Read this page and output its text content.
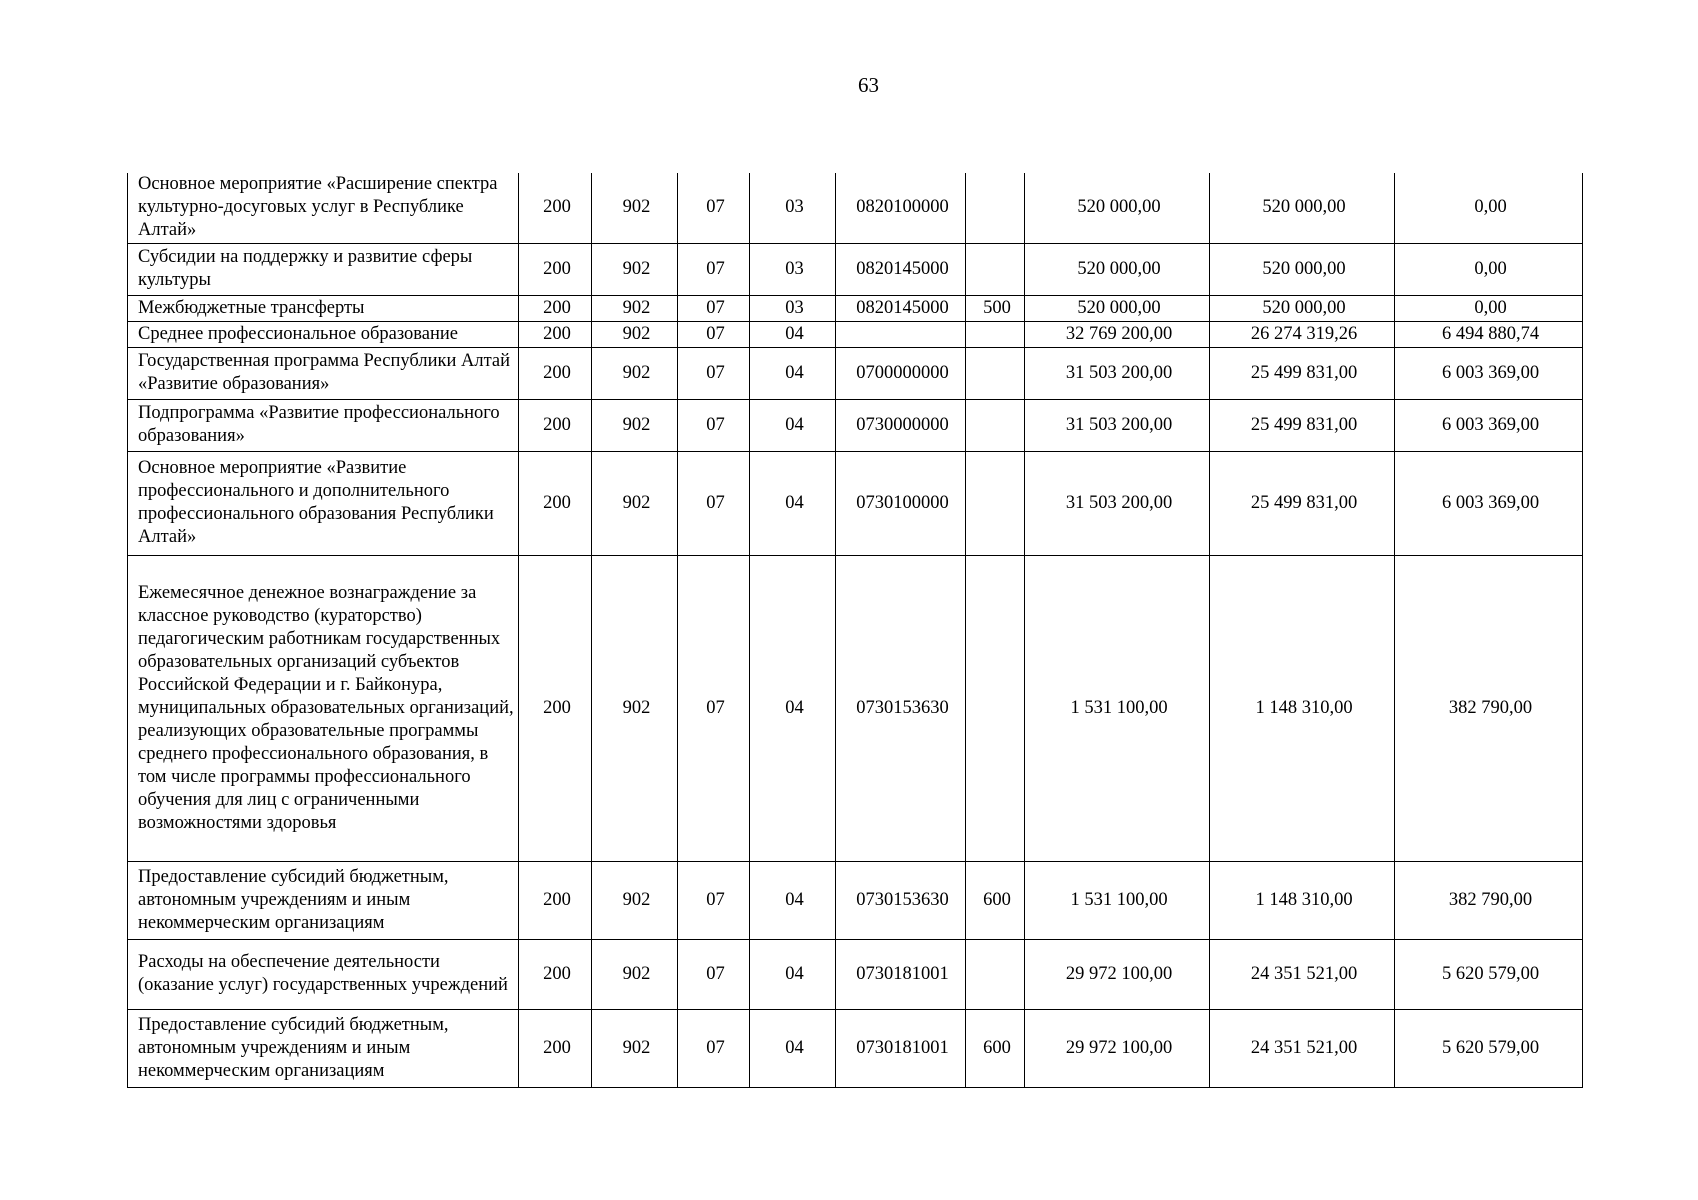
63
Основное мероприятие «Расширение спектра культурно-досуговых услуг в Республике Алтай»	200	902	07	03	0820100000		520 000,00	520 000,00	0,00
Субсидии на поддержку и развитие сферы культуры	200	902	07	03	0820145000		520 000,00	520 000,00	0,00
Межбюджетные трансферты	200	902	07	03	0820145000	500	520 000,00	520 000,00	0,00
Среднее профессиональное образование	200	902	07	04			32 769 200,00	26 274 319,26	6 494 880,74
Государственная программа Республики Алтай «Развитие образования»	200	902	07	04	0700000000		31 503 200,00	25 499 831,00	6 003 369,00
Подпрограмма «Развитие профессионального образования»	200	902	07	04	0730000000		31 503 200,00	25 499 831,00	6 003 369,00
Основное мероприятие «Развитие профессионального и дополнительного профессионального образования Республики Алтай»	200	902	07	04	0730100000		31 503 200,00	25 499 831,00	6 003 369,00
Ежемесячное денежное вознаграждение за классное руководство (кураторство) педагогическим работникам государственных образовательных организаций субъектов Российской Федерации и г. Байконура, муниципальных образовательных организаций, реализующих образовательные программы среднего профессионального образования, в том числе программы профессионального обучения для лиц с ограниченными возможностями здоровья	200	902	07	04	0730153630		1 531 100,00	1 148 310,00	382 790,00
Предоставление субсидий бюджетным, автономным учреждениям и иным некоммерческим организациям	200	902	07	04	0730153630	600	1 531 100,00	1 148 310,00	382 790,00
Расходы на обеспечение деятельности (оказание услуг) государственных учреждений	200	902	07	04	0730181001		29 972 100,00	24 351 521,00	5 620 579,00
Предоставление субсидий бюджетным, автономным учреждениям и иным некоммерческим организациям	200	902	07	04	0730181001	600	29 972 100,00	24 351 521,00	5 620 579,00
